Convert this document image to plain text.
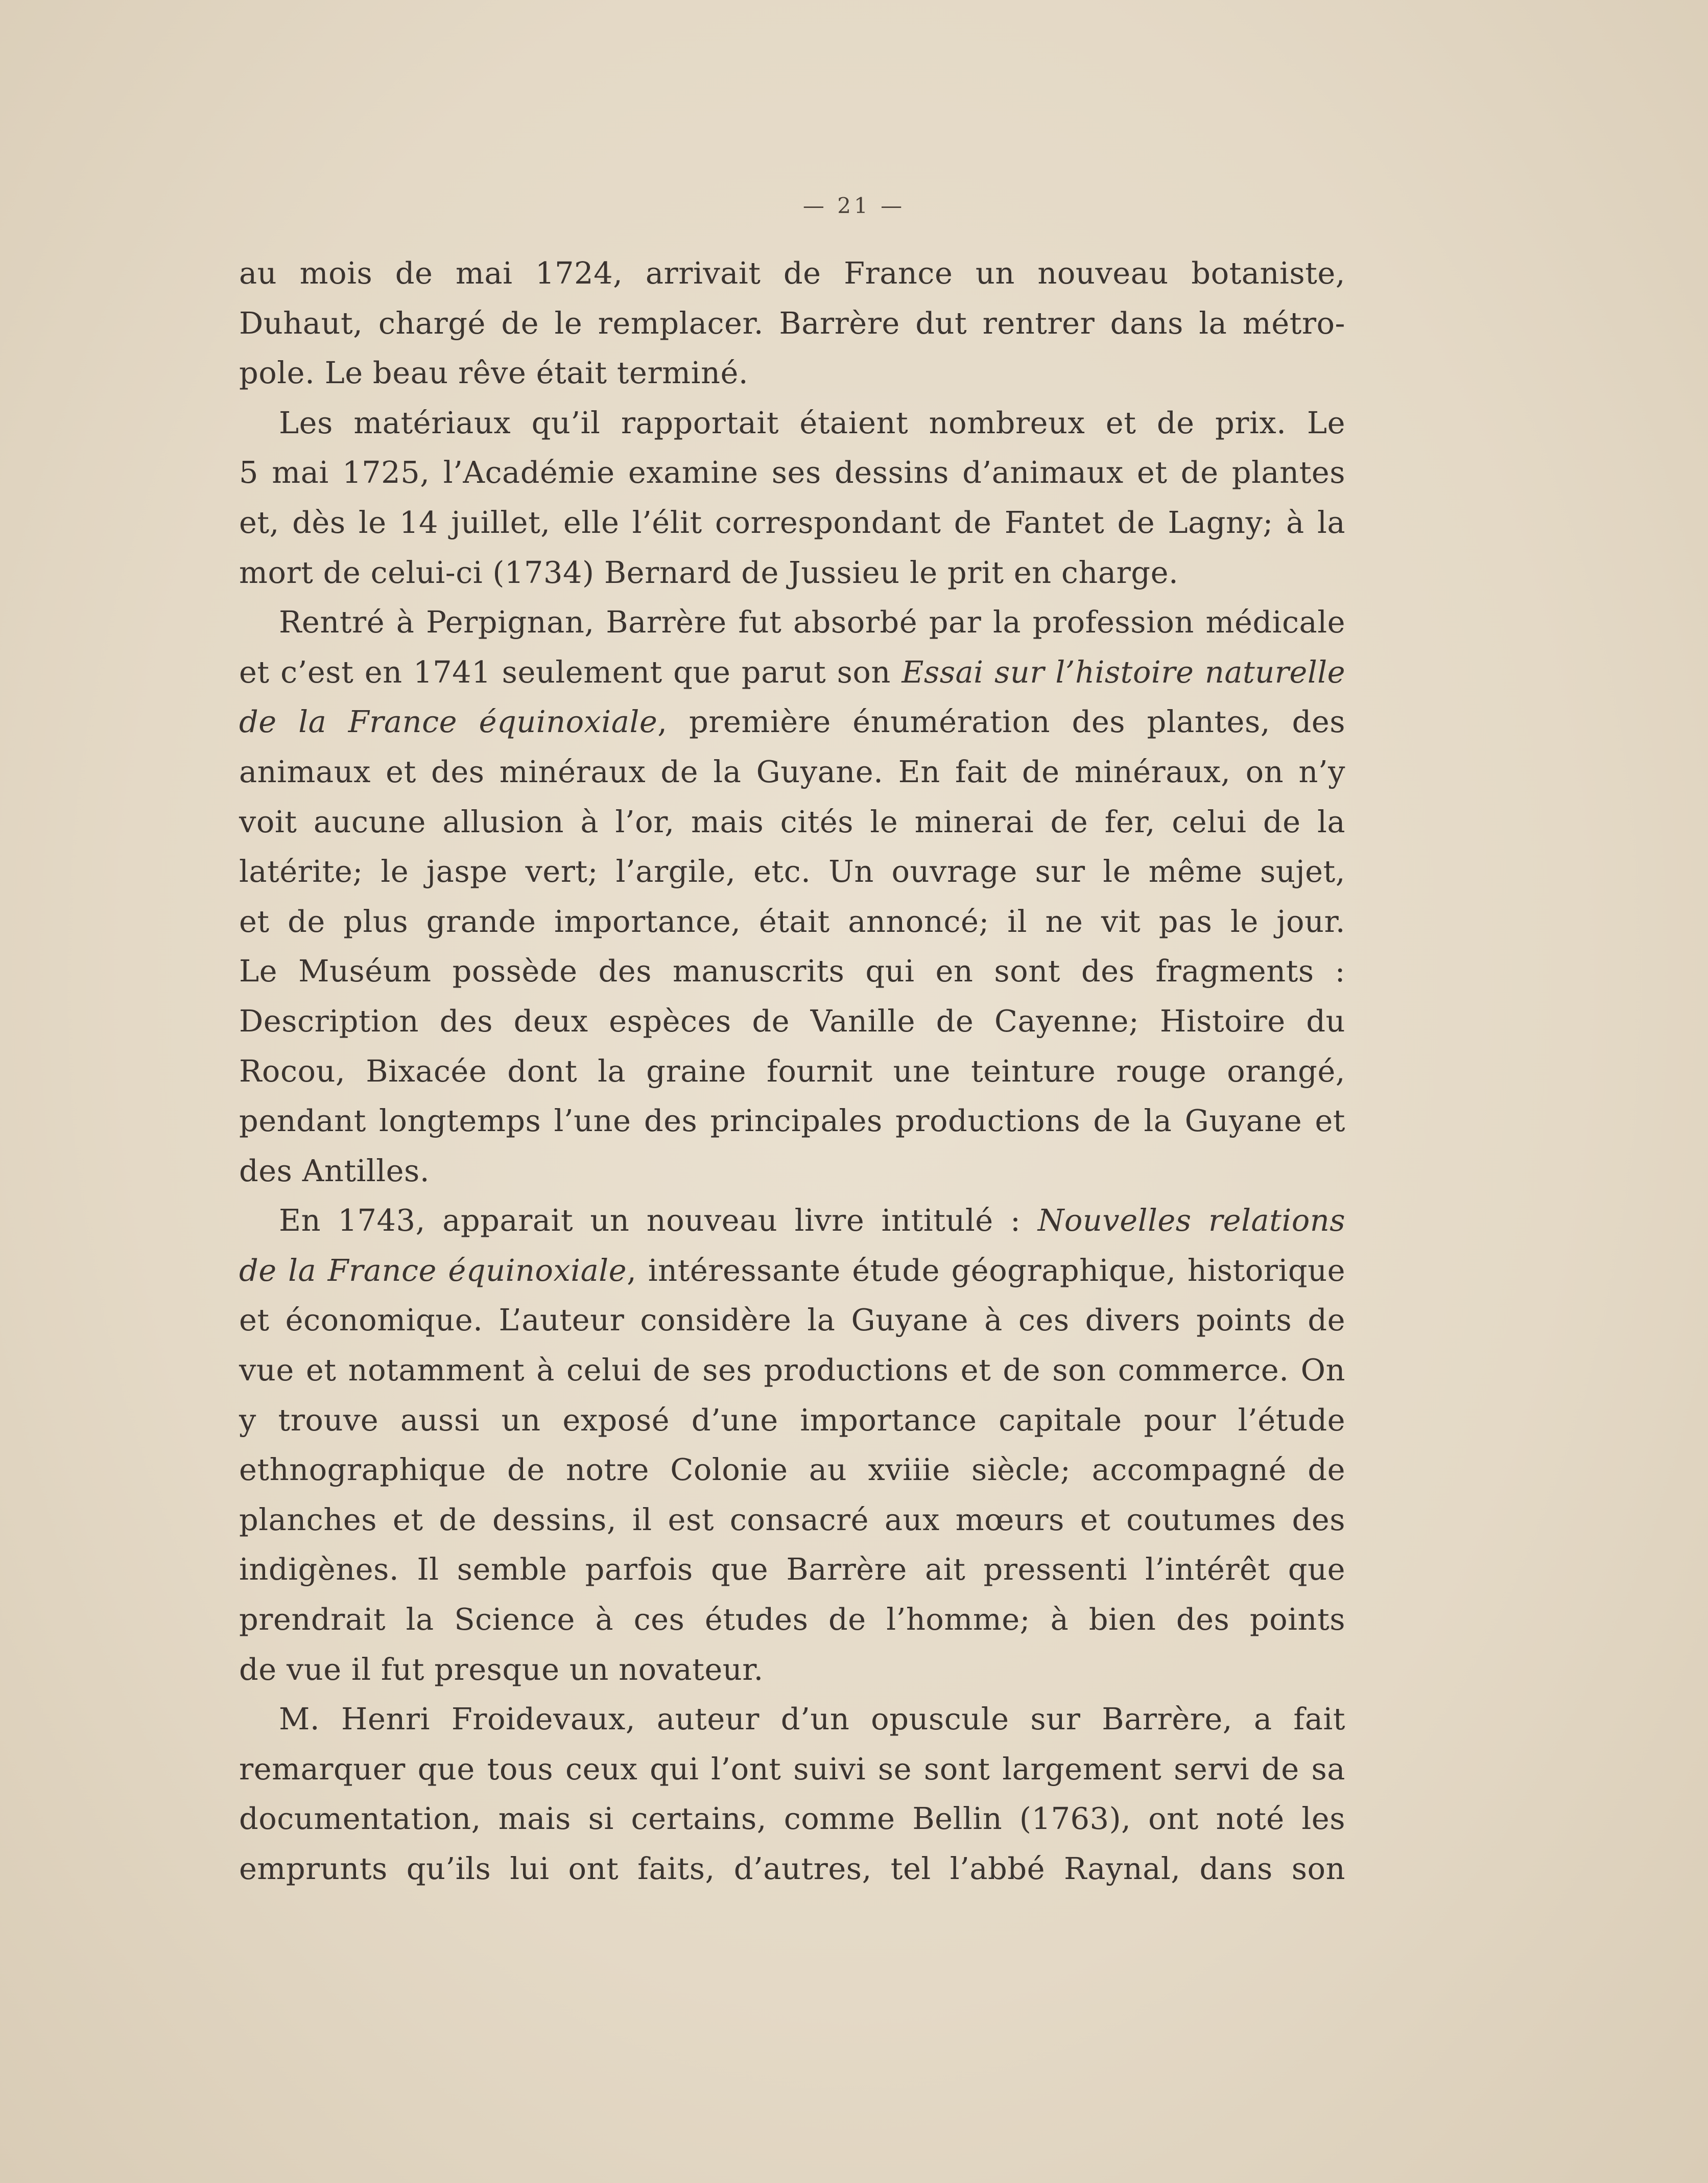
— 21 —
au mois de mai 1724, arrivait de France un nouveau botaniste,
Duhaut, chargé de le remplacer. Barrère dut rentrer dans la métro-
pole. Le beau rêve était terminé.
Les matériaux qu’il rapportait étaient nombreux et de prix. Le
5 mai 1725, l’Académie examine ses dessins d’animaux et de plantes
et, dès le 14 juillet, elle l’élit correspondant de Fantet de Lagny; à la
mort de celui-ci (1734) Bernard de Jussieu le prit en charge.
Rentré à Perpignan, Barrère fut absorbé par la profession médicale
et c’est en 1741 seulement que parut son Essai sur l’histoire naturelle
de la France équinoxiale, première énumération des plantes, des
animaux et des minéraux de la Guyane. En fait de minéraux, on n’y
voit aucune allusion à l’or, mais cités le minerai de fer, celui de la
latérite; le jaspe vert; l’argile, etc. Un ouvrage sur le même sujet,
et de plus grande importance, était annoncé; il ne vit pas le jour.
Le Muséum possède des manuscrits qui en sont des fragments :
Description des deux espèces de Vanille de Cayenne; Histoire du
Rocou, Bixacée dont la graine fournit une teinture rouge orangé,
pendant longtemps l’une des principales productions de la Guyane et
des Antilles.
En 1743, apparait un nouveau livre intitulé : Nouvelles relations
de la France équinoxiale, intéressante étude géographique, historique
et économique. L’auteur considère la Guyane à ces divers points de
vue et notamment à celui de ses productions et de son commerce. On
y trouve aussi un exposé d’une importance capitale pour l’étude
ethnographique de notre Colonie au xviiie siècle; accompagné de
planches et de dessins, il est consacré aux mœurs et coutumes des
indigènes. Il semble parfois que Barrère ait pressenti l’intérêt que
prendrait la Science à ces études de l’homme; à bien des points
de vue il fut presque un novateur.
M. Henri Froidevaux, auteur d’un opuscule sur Barrère, a fait
remarquer que tous ceux qui l’ont suivi se sont largement servi de sa
documentation, mais si certains, comme Bellin (1763), ont noté les
emprunts qu’ils lui ont faits, d’autres, tel l’abbé Raynal, dans son
